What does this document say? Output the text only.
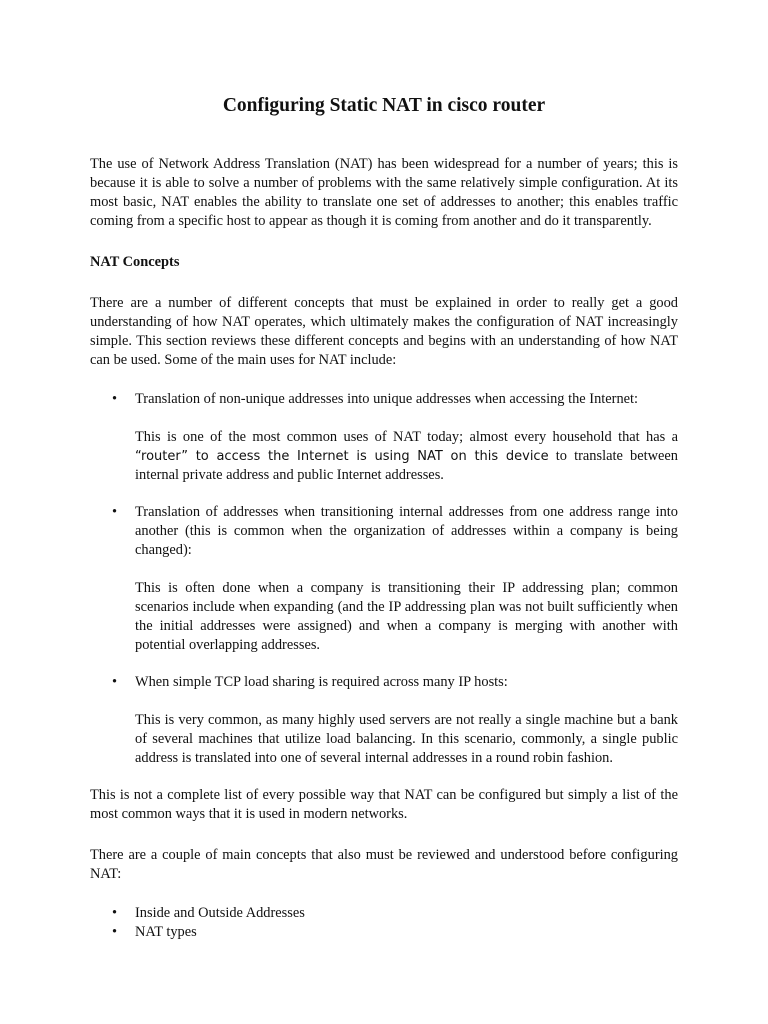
Configuring Static NAT in cisco router

The use of Network Address Translation (NAT) has been widespread for a number of years; this is because it is able to solve a number of problems with the same relatively simple configuration. At its most basic, NAT enables the ability to translate one set of addresses to another; this enables traffic coming from a specific host to appear as though it is coming from another and do it transparently.

NAT Concepts

There are a number of different concepts that must be explained in order to really get a good understanding of how NAT operates, which ultimately makes the configuration of NAT increasingly simple. This section reviews these different concepts and begins with an understanding of how NAT can be used. Some of the main uses for NAT include:

• Translation of non-unique addresses into unique addresses when accessing the Internet:
This is one of the most common uses of NAT today; almost every household that has a “router” to access the Internet is using NAT on this device to translate between internal private address and public Internet addresses.
• Translation of addresses when transitioning internal addresses from one address range into another (this is common when the organization of addresses within a company is being changed):
This is often done when a company is transitioning their IP addressing plan; common scenarios include when expanding (and the IP addressing plan was not built sufficiently when the initial addresses were assigned) and when a company is merging with another with potential overlapping addresses.
• When simple TCP load sharing is required across many IP hosts:
This is very common, as many highly used servers are not really a single machine but a bank of several machines that utilize load balancing. In this scenario, commonly, a single public address is translated into one of several internal addresses in a round robin fashion.

This is not a complete list of every possible way that NAT can be configured but simply a list of the most common ways that it is used in modern networks.

There are a couple of main concepts that also must be reviewed and understood before configuring NAT:

• Inside and Outside Addresses
• NAT types
